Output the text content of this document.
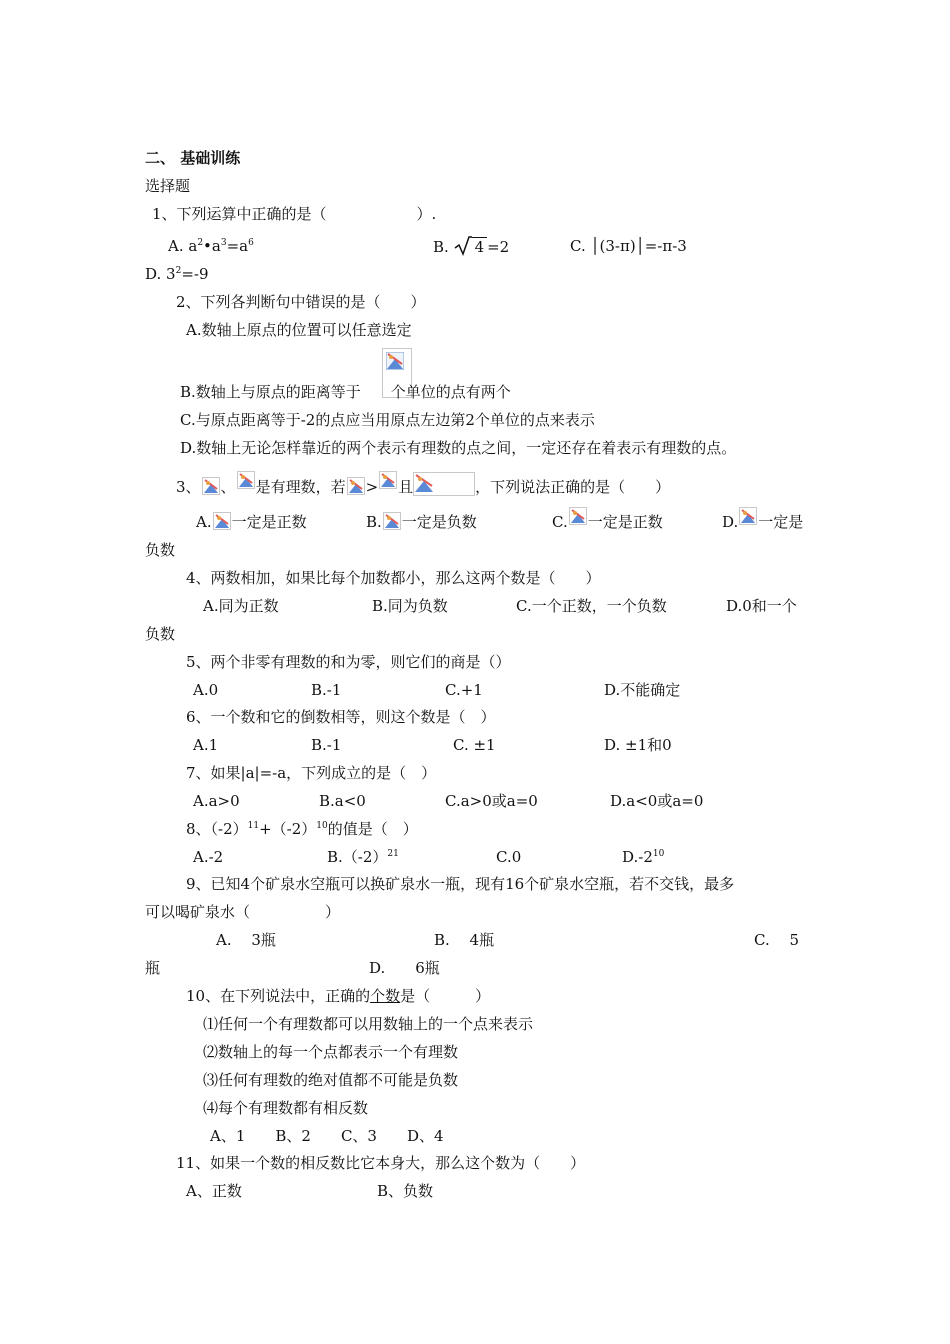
二、 基础训练
选择题
1、下列运算中正确的是（　　　　　　）.
A. $a^2•a^3=a^6$	B. 4 =2	C. │(3-π)│=-π-3
D. $3^2=-9$
2、下列各判断句中错误的是（　　）
A.数轴上原点的位置可以任意选定
B.数轴上与原点的距离等于 个单位的点有两个
C.与原点距离等于-2的点应当用原点左边第2个单位的点来表示
D.数轴上无论怎样靠近的两个表示有理数的点之间，一定还存在着表示有理数的点。
3、 、 是有理数，若 > 且	，下列说法正确的是（　　）
A. 一定是正数	B. 一定是负数	C. 一定是正数	D. 一定是
负数
4、两数相加，如果比每个加数都小，那么这两个数是（　　）
A.同为正数	B.同为负数	C.一个正数，一个负数	D.0和一个
负数
5、两个非零有理数的和为零，则它们的商是（）
A.0	B.-1	C.+1	D.不能确定
6、一个数和它的倒数相等，则这个数是（　）
A.1	B.-1	C. ±1	D. ±1和0
7、如果|a|=-a，下列成立的是（　）
A.a>0	B.a<0	C.a>0或a=0	D.a<0或a=0
8、$(-2)^{11}+(-2)^{10}$的值是（　）
A.-2	$B.(-2)^{21}$	C.0	$D.-2^{10}$
9、已知4个矿泉水空瓶可以换矿泉水一瓶，现有16个矿泉水空瓶，若不交钱，最多
可以喝矿泉水（　　　　　）
A.　 3瓶	B.　 4瓶	C.　 5
瓶	D.　　6瓶
10、在下列说法中，正确的个数是（　　　）
⑴任何一个有理数都可以用数轴上的一个点来表示
⑵数轴上的每一个点都表示一个有理数
⑶任何有理数的绝对值都不可能是负数
⑷每个有理数都有相反数
A、1　　B、2　　C、3　　D、4
11、如果一个数的相反数比它本身大，那么这个数为（　　）
A、正数	B、负数
